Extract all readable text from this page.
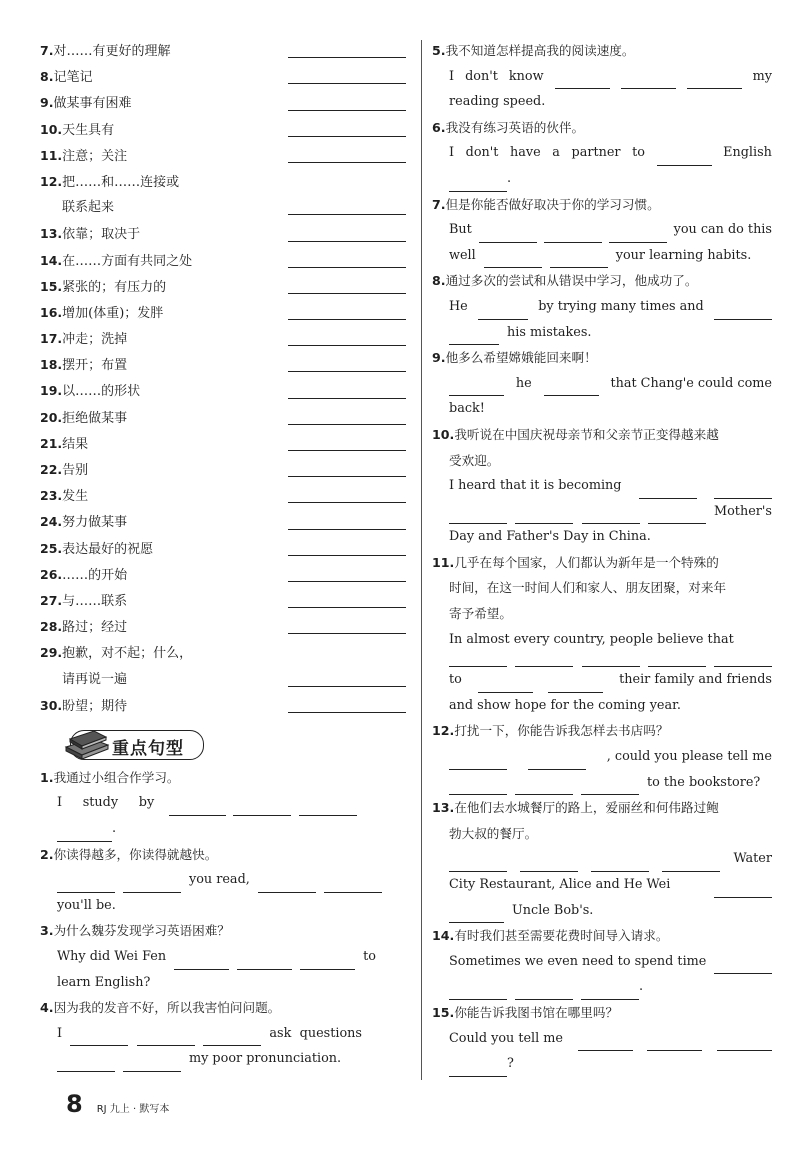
7.对……有更好的理解
8.记笔记
9.做某事有困难
10.天生具有
11.注意；关注
12.把……和……连接或
联系起来
13.依靠；取决于
14.在……方面有共同之处
15.紧张的；有压力的
16.增加(体重)；发胖
17.冲走；洗掉
18.摆开；布置
19.以……的形状
20.拒绝做某事
21.结果
22.告别
23.发生
24.努力做某事
25.表达最好的祝愿
26.……的开始
27.与……联系
28.路过；经过
29.抱歉，对不起；什么，
请再说一遍
30.盼望；期待
重点句型
1.我通过小组合作学习。
I study by
.
2.你读得越多，你读得就越快。
you read,
you'll be.
3.为什么魏芬发现学习英语困难？
Why did Wei Fen	to
learn English?
4.因为我的发音不好，所以我害怕问问题。
I	ask questions
my poor pronunciation.
5.我不知道怎样提高我的阅读速度。
I don't know	my
reading speed.
6.我没有练习英语的伙伴。
I don't have a partner to	English
.
7.但是你能否做好取决于你的学习习惯。
But	you can do this
well	your learning habits.
8.通过多次的尝试和从错误中学习，他成功了。
He	by trying many times and
his mistakes.
9.他多么希望嫦娥能回来啊！
he	that Chang'e could come
back!
10.我听说在中国庆祝母亲节和父亲节正变得越来越
受欢迎。
I heard that it is becoming
Mother's
Day and Father's Day in China.
11.几乎在每个国家，人们都认为新年是一个特殊的
时间，在这一时间人们和家人、朋友团聚，对来年
寄予希望。
In almost every country, people believe that
to	their family and friends
and show hope for the coming year.
12.打扰一下，你能告诉我怎样去书店吗？
, could you please tell me
to the bookstore?
13.在他们去水城餐厅的路上，爱丽丝和何伟路过鲍
勃大叔的餐厅。
Water
City Restaurant, Alice and He Wei
Uncle Bob's.
14.有时我们甚至需要花费时间导入请求。
Sometimes we even need to spend time
.
15.你能告诉我图书馆在哪里吗？
Could you tell me
?
8 RJ 九上 · 默写本
